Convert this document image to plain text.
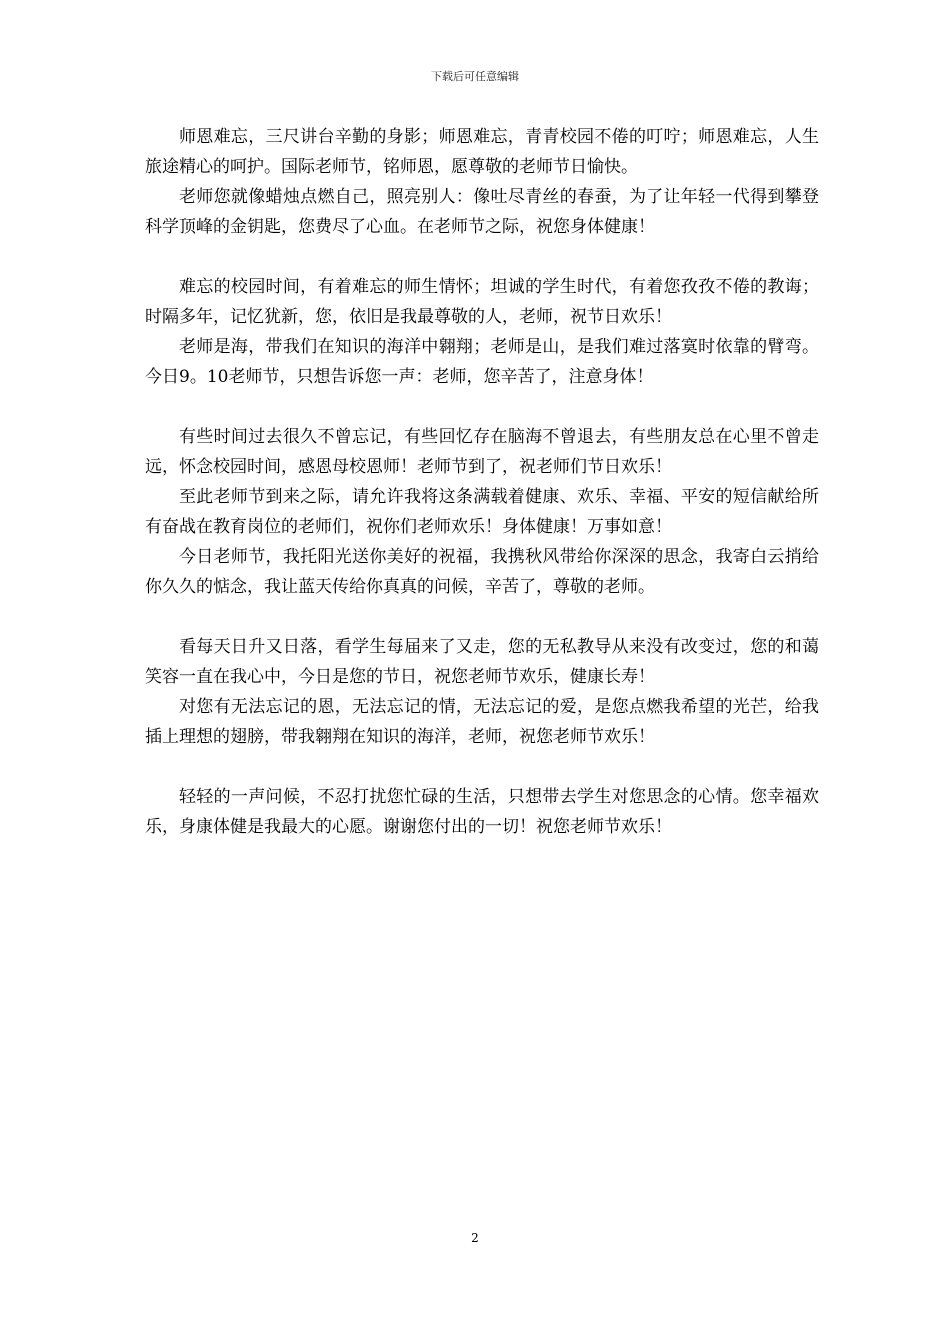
下载后可任意编辑

师恩难忘，三尺讲台辛勤的身影；师恩难忘，青青校园不倦的叮咛；师恩难忘，人生旅途精心的呵护。国际老师节，铭师恩，愿尊敬的老师节日愉快。

老师您就像蜡烛点燃自己，照亮别人：像吐尽青丝的春蚕，为了让年轻一代得到攀登科学顶峰的金钥匙，您费尽了心血。在老师节之际，祝您身体健康！

难忘的校园时间，有着难忘的师生情怀；坦诚的学生时代，有着您孜孜不倦的教诲；时隔多年，记忆犹新，您，依旧是我最尊敬的人，老师，祝节日欢乐！

老师是海，带我们在知识的海洋中翱翔；老师是山，是我们难过落寞时依靠的臂弯。今日9。10老师节，只想告诉您一声：老师，您辛苦了，注意身体！

有些时间过去很久不曾忘记，有些回忆存在脑海不曾退去，有些朋友总在心里不曾走远，怀念校园时间，感恩母校恩师！老师节到了，祝老师们节日欢乐！

至此老师节到来之际，请允许我将这条满载着健康、欢乐、幸福、平安的短信献给所有奋战在教育岗位的老师们，祝你们老师欢乐！身体健康！万事如意！

今日老师节，我托阳光送你美好的祝福，我携秋风带给你深深的思念，我寄白云捎给你久久的惦念，我让蓝天传给你真真的问候，辛苦了，尊敬的老师。

看每天日升又日落，看学生每届来了又走，您的无私教导从来没有改变过，您的和蔼笑容一直在我心中，今日是您的节日，祝您老师节欢乐，健康长寿！

对您有无法忘记的恩，无法忘记的情，无法忘记的爱，是您点燃我希望的光芒，给我插上理想的翅膀，带我翱翔在知识的海洋，老师，祝您老师节欢乐！

轻轻的一声问候，不忍打扰您忙碌的生活，只想带去学生对您思念的心情。您幸福欢乐，身康体健是我最大的心愿。谢谢您付出的一切！祝您老师节欢乐！

2
